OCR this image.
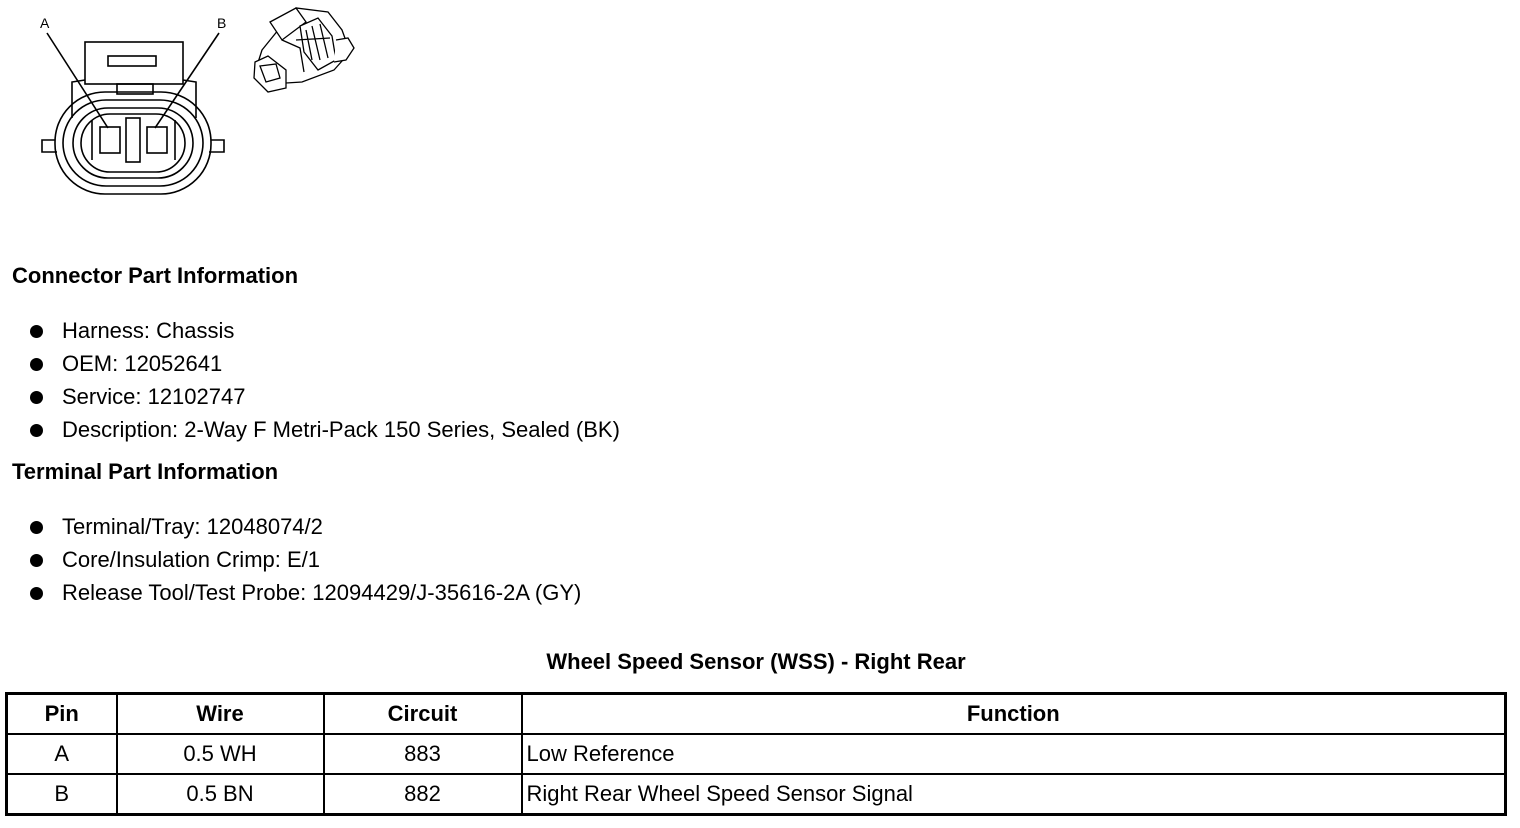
A	B
Connector Part Information
Harness: Chassis
OEM: 12052641
Service: 12102747
Description: 2-Way F Metri-Pack 150 Series, Sealed (BK)
Terminal Part Information
Terminal/Tray: 12048074/2
Core/Insulation Crimp: E/1
Release Tool/Test Probe: 12094429/J-35616-2A (GY)
Wheel Speed Sensor (WSS) - Right Rear
Pin	Wire	Circuit	Function
A	0.5 WH	883	Low Reference
B	0.5 BN	882	Right Rear Wheel Speed Sensor Signal
